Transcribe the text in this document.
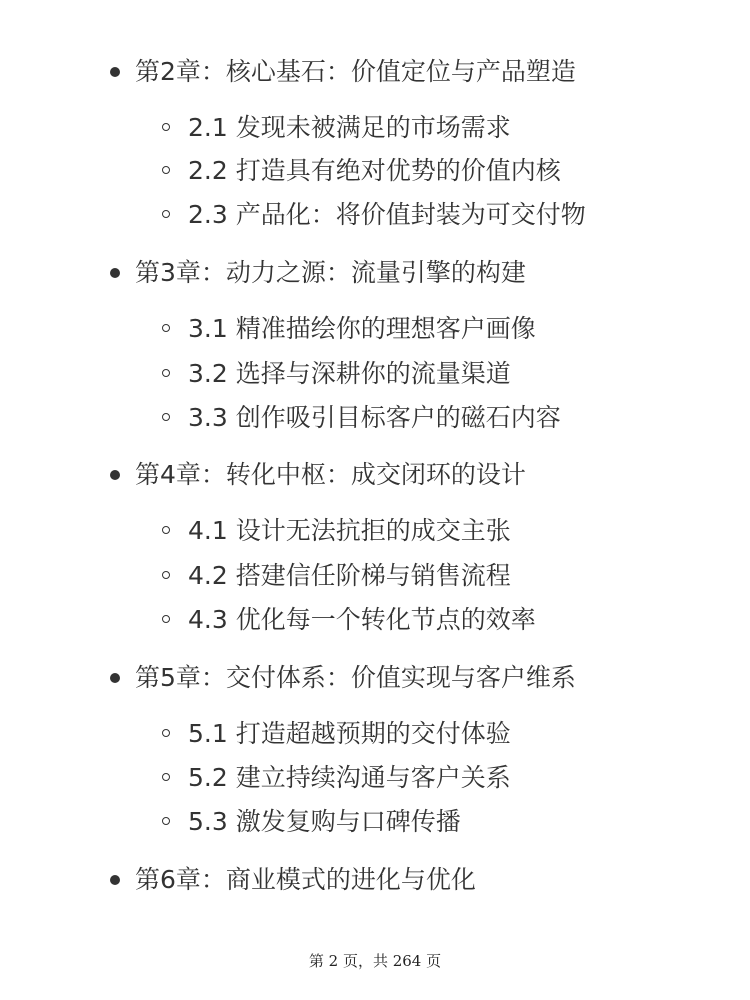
第2章：核心基石：价值定位与产品塑造
2.1 发现未被满足的市场需求
2.2 打造具有绝对优势的价值内核
2.3 产品化：将价值封装为可交付物
第3章：动力之源：流量引擎的构建
3.1 精准描绘你的理想客户画像
3.2 选择与深耕你的流量渠道
3.3 创作吸引目标客户的磁石内容
第4章：转化中枢：成交闭环的设计
4.1 设计无法抗拒的成交主张
4.2 搭建信任阶梯与销售流程
4.3 优化每一个转化节点的效率
第5章：交付体系：价值实现与客户维系
5.1 打造超越预期的交付体验
5.2 建立持续沟通与客户关系
5.3 激发复购与口碑传播
第6章：商业模式的进化与优化
第 2 页，共 264 页
